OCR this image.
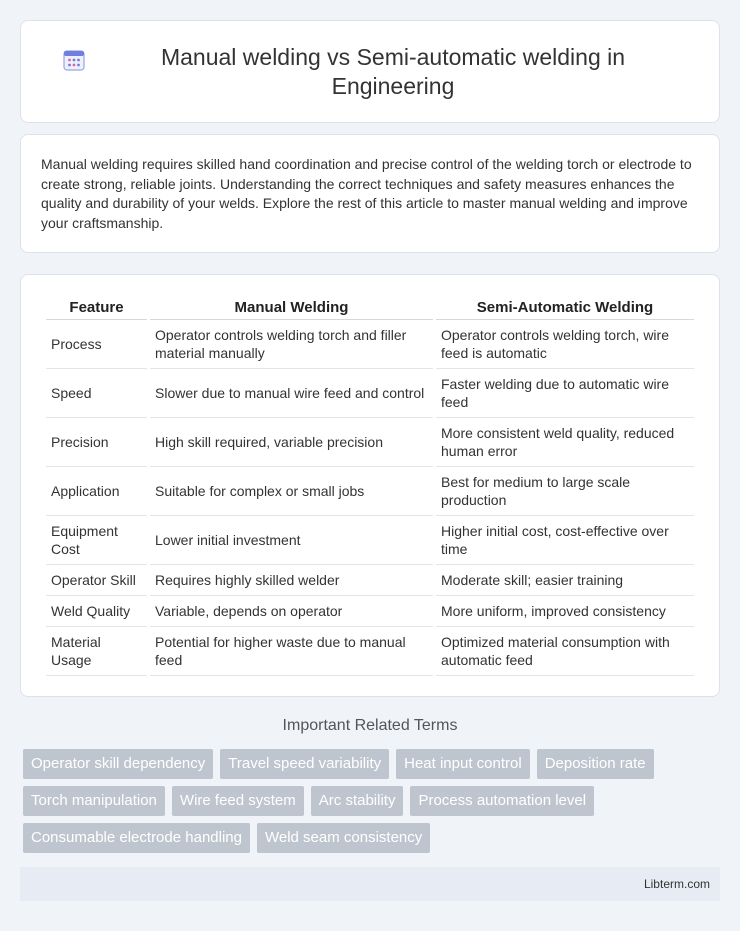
Manual welding vs Semi-automatic welding in Engineering

Manual welding requires skilled hand coordination and precise control of the welding torch or electrode to create strong, reliable joints. Understanding the correct techniques and safety measures enhances the quality and durability of your welds. Explore the rest of this article to master manual welding and improve your craftsmanship.

Feature	Manual Welding	Semi-Automatic Welding
Process	Operator controls welding torch and filler material manually	Operator controls welding torch, wire feed is automatic
Speed	Slower due to manual wire feed and control	Faster welding due to automatic wire feed
Precision	High skill required, variable precision	More consistent weld quality, reduced human error
Application	Suitable for complex or small jobs	Best for medium to large scale production
Equipment Cost	Lower initial investment	Higher initial cost, cost-effective over time
Operator Skill	Requires highly skilled welder	Moderate skill; easier training
Weld Quality	Variable, depends on operator	More uniform, improved consistency
Material Usage	Potential for higher waste due to manual feed	Optimized material consumption with automatic feed
Important Related Terms
Operator skill dependency	Travel speed variability	Heat input control	Deposition rate
Torch manipulation	Wire feed system	Arc stability	Process automation level
Consumable electrode handling	Weld seam consistency
Libterm.com
